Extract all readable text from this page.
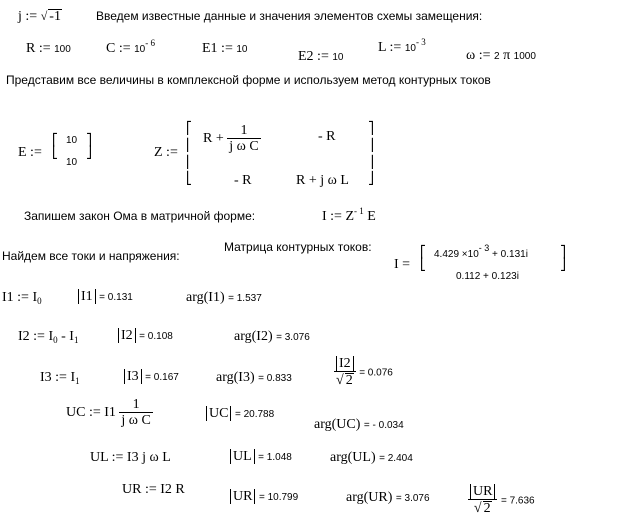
j := √ -1	Введем известные данные и значения элементов схемы замещения:
R := 100	C := $10^{- 6}$	E1 := 10	E2 := 10
L := $10^{- 3}$
ω := 2 π 1000
Представим все величины в комплексной форме и используем метод контурных токов
E :=
⎡
⎣
10
10
⎤
⎦	Z :=
⎡
⎢
⎢
⎣
$R + \frac{1}{\text{j ω C}}$	- R
- R	R + j ω L
⎤
⎥
⎥
⎦
Запишем закон Ома в матричной форме:	I := $Z^{- 1}$ E
Найдем все токи и напряжения:
Матрица контурных токов:
I =
⎡
⎣
4.429 ×10- 3 + 0.131i
0.112 + 0.123i
⎤
⎦
I1 := $I_0$	I1 = 0.131	arg(I1) = 1.537
I2 := $I_0 - I_1$	I2 = 0.108	arg(I2) = 3.076
I3 := $I_1$	I3 = 0.167	arg(I3) = 0.833	$\frac{I2}{√ 2} = 0.076$
UC := $I1 \frac{1}{\text{j ω C}}$	UC = 20.788
arg(UC) = - 0.034
UL := I3 j ω L	UL = 1.048	arg(UL) = 2.404
UR := I2 R	UR = 10.799	arg(UR) = 3.076	$\frac{UR}{√ 2} = 7.636$
